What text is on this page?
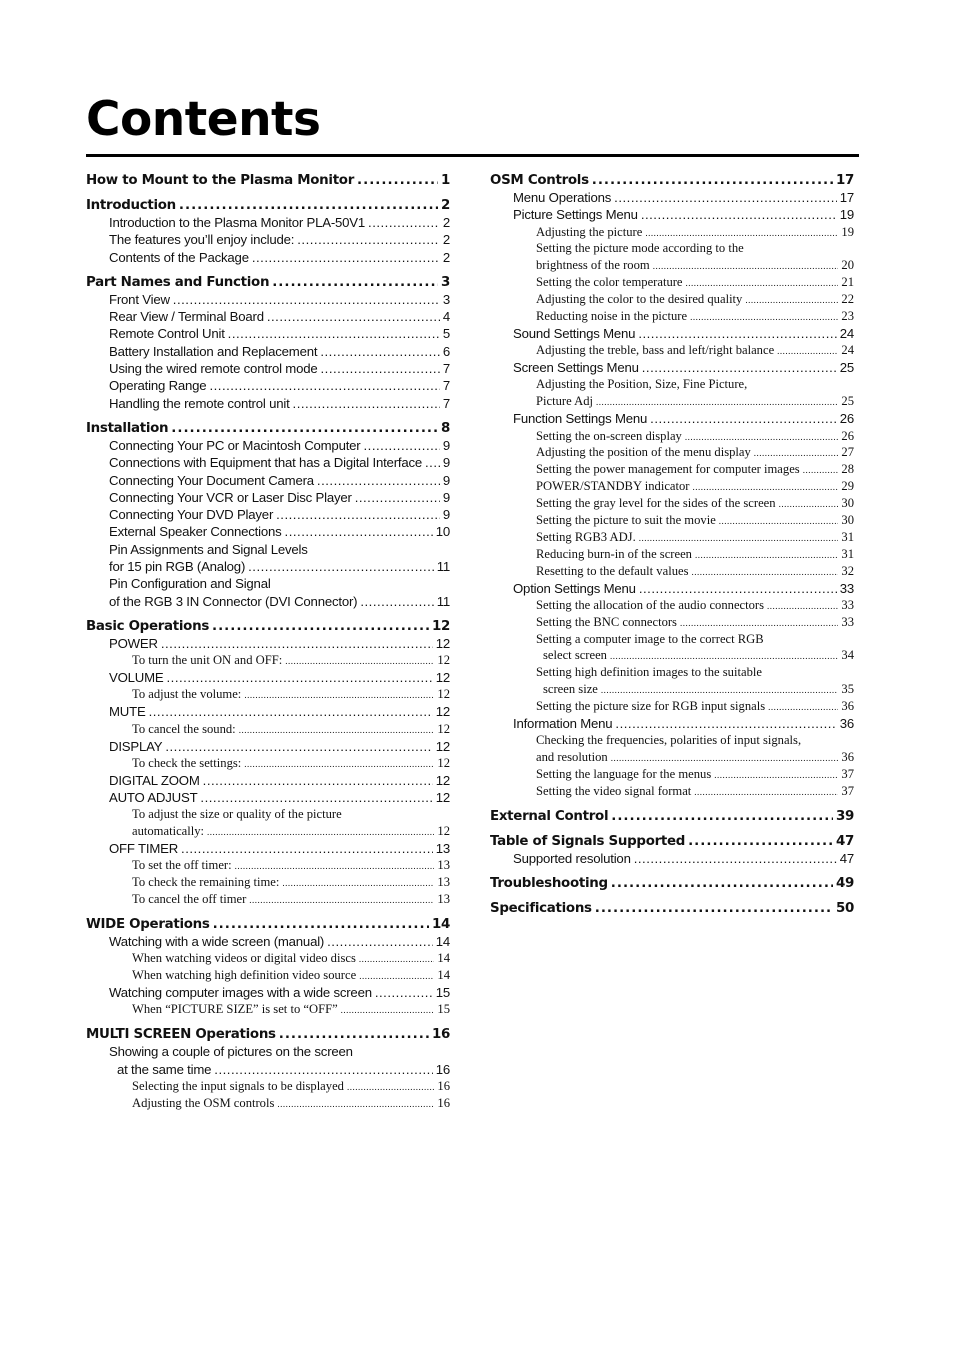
Contents
How to Mount to the Plasma Monitor .....	1
Introduction .....	2
Introduction to the Plasma Monitor PLA-50V1 .....	2
The features you’ll enjoy include: .....	2
Contents of the Package .....	2
Part Names and Function .....	3
Front View .....	3
Rear View / Terminal Board .....	4
Remote Control Unit .....	5
Battery Installation and Replacement .....	6
Using the wired remote control mode .....	7
Operating Range .....	7
Handling the remote control unit .....	7
Installation .....	8
Connecting Your PC or Macintosh Computer .....	9
Connections with Equipment that has a Digital Interface ..... 9
Connecting Your Document Camera .....	9
Connecting Your VCR or Laser Disc Player .....	9
Connecting Your DVD Player .....	9
External Speaker Connections .....	10
Pin Assignments and Signal Levels
for 15 pin RGB (Analog) .....	11
Pin Configuration and Signal
of the RGB 3 IN Connector (DVI Connector) .....	11
Basic Operations .....	12
POWER .....	12
To turn the unit ON and OFF: .....	12
VOLUME .....	12
To adjust the volume: .....	12
MUTE .....	12
To cancel the sound: .....	12
DISPLAY .....	12
To check the settings: .....	12
DIGITAL ZOOM .....	12
AUTO ADJUST .....	12
To adjust the size or quality of the picture
automatically: .....	12
OFF TIMER .....	13
To set the off timer: .....	13
To check the remaining time: .....	13
To cancel the off timer .....	13
WIDE Operations .....	14
Watching with a wide screen (manual) .....	14
When watching videos or digital video discs .....	14
When watching high definition video source .....	14
Watching computer images with a wide screen .....	15
When “PICTURE SIZE” is set to “OFF” .....	15
MULTI SCREEN Operations .....	16
Showing a couple of pictures on the screen
at the same time .....	16
Selecting the input signals to be displayed .....	16
Adjusting the OSM controls .....	16
OSM Controls .....	17
Menu Operations .....	17
Picture Settings Menu .....	19
Adjusting the picture .....	19
Setting the picture mode according to the
brightness of the room .....	20
Setting the color temperature .....	21
Adjusting the color to the desired quality .....	22
Reducting noise in the picture .....	23
Sound Settings Menu .....	24
Adjusting the treble, bass and left/right balance .....	24
Screen Settings Menu .....	25
Adjusting the Position, Size, Fine Picture,
Picture Adj .....	25
Function Settings Menu .....	26
Setting the on-screen display .....	26
Adjusting the position of the menu display .....	27
Setting the power management for computer images .....	28
POWER/STANDBY indicator .....	29
Setting the gray level for the sides of the screen .....	30
Setting the picture to suit the movie .....	30
Setting RGB3 ADJ. .....	31
Reducing burn-in of the screen .....	31
Resetting to the default values .....	32
Option Settings Menu .....	33
Setting the allocation of the audio connectors .....	33
Setting the BNC connectors .....	33
Setting a computer image to the correct RGB
select screen .....	34
Setting high definition images to the suitable
screen size .....	35
Setting the picture size for RGB input signals .....	36
Information Menu .....	36
Checking the frequencies, polarities of input signals,
and resolution .....	36
Setting the language for the menus .....	37
Setting the video signal format .....	37
External Control .....	39
Table of Signals Supported .....	47
Supported resolution .....	47
Troubleshooting .....	49
Specifications .....	50
